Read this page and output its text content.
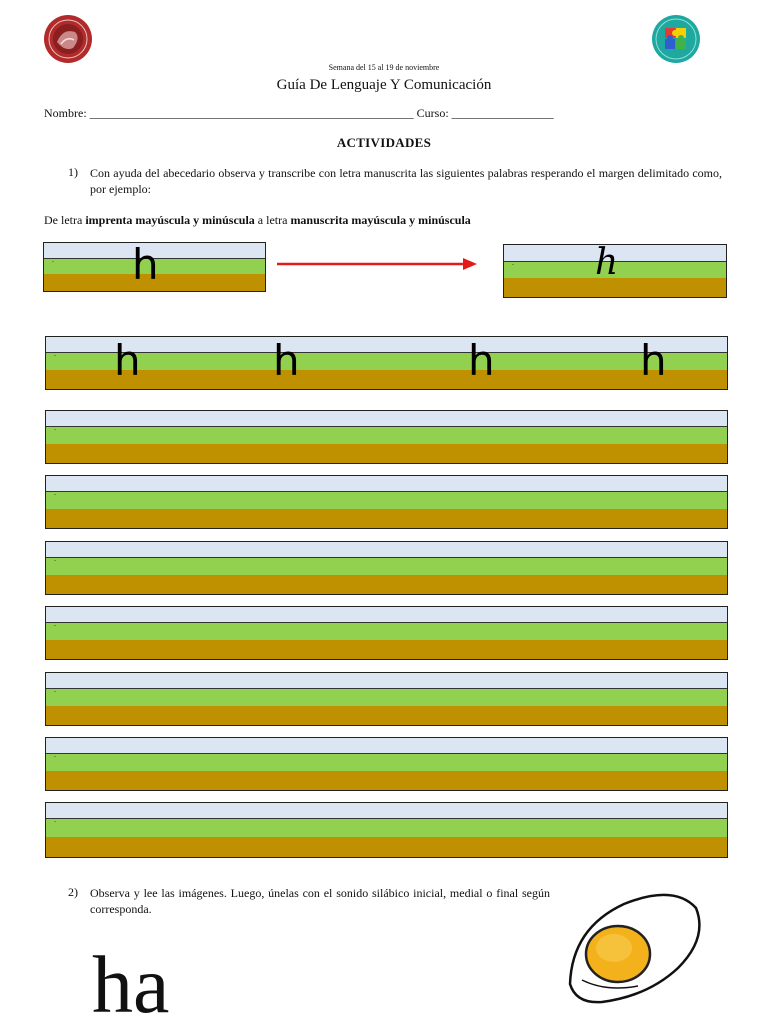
Semana del 15 al 19 de noviembre
Guía De Lenguaje Y Comunicación
Nombre: ______________________________________________________ Curso: _________________
ACTIVIDADES
1) Con ayuda del abecedario observa y transcribe con letra manuscrita las siguientes palabras resperando el margen delimitado como, por ejemplo:
De letra imprenta mayúscula y minúscula a letra manuscrita mayúscula y minúscula
. h	. h
. h	h	h	h
.
.
.
.
.
.
.
2) Observa y lee las imágenes. Luego, únelas con el sonido silábico inicial, medial o final según corresponda.
ha
